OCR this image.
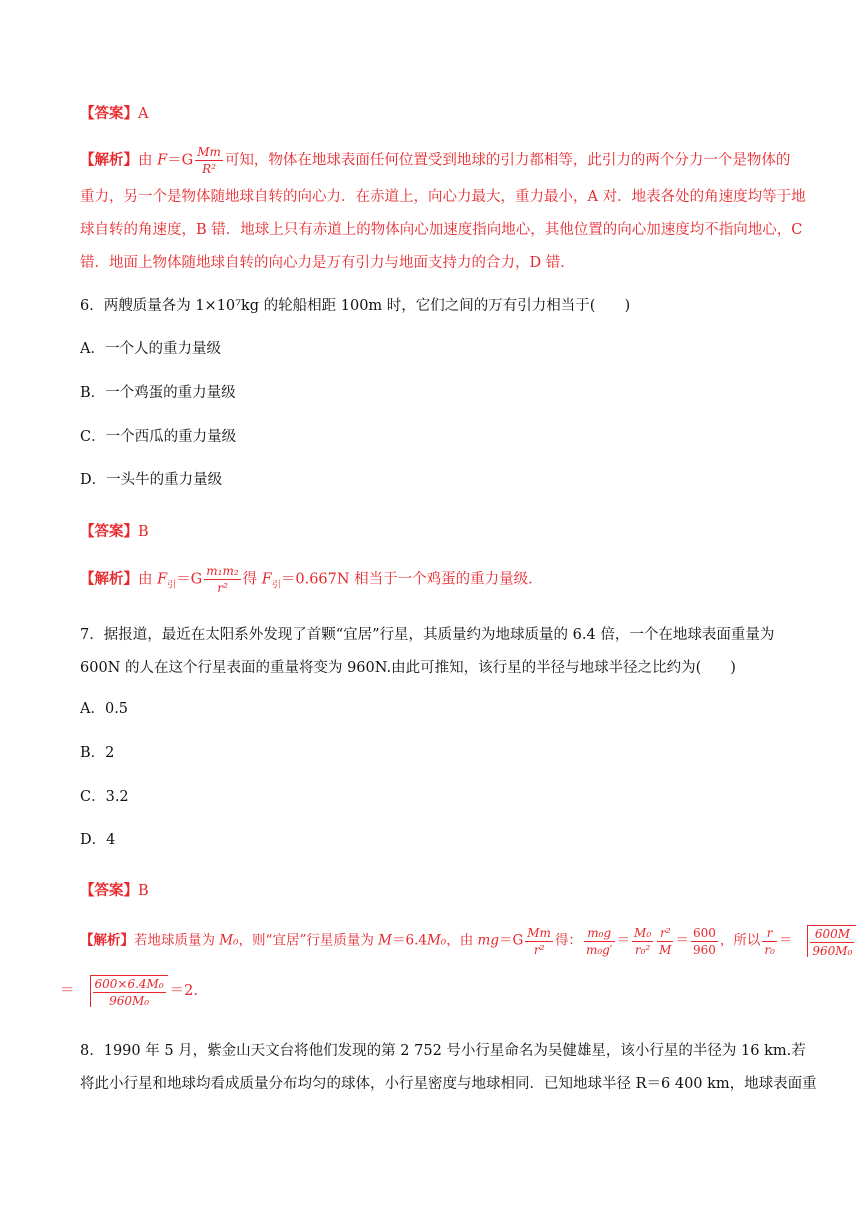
【答案】A
【解析】由 $F=G \frac{Mm}{\text{R²}}$ 可知，物体在地球表面任何位置受到地球的引力都相等，此引力的两个分力一个是物体的
重力，另一个是物体随地球自转的向心力．在赤道上，向心力最大，重力最小，A 对．地表各处的角速度均等于地
球自转的角速度，B 错．地球上只有赤道上的物体向心加速度指向地心，其他位置的向心加速度均不指向地心，C
错．地面上物体随地球自转的向心力是万有引力与地面支持力的合力，D 错．
6．两艘质量各为 1×10⁷kg 的轮船相距 100m 时，它们之间的万有引力相当于(　　)
A．一个人的重力量级
B．一个鸡蛋的重力量级
C．一个西瓜的重力量级
D．一头牛的重力量级
【答案】B
【解析】由 $F_引=G \frac{\text{m₁m₂}}{\text{r²}}$ 得 $F_引=0.667N$ 相当于一个鸡蛋的重力量级．
7．据报道，最近在太阳系外发现了首颗“宜居”行星，其质量约为地球质量的 6.4 倍，一个在地球表面重量为
600N 的人在这个行星表面的重量将变为 960N.由此可推知，该行星的半径与地球半径之比约为(　　)
A．0.5
B．2
C．3.2
D．4
【答案】B
【解析】若地球质量为 M₀，则“宜居”行星质量为 M＝6.4M₀，由 $mg=G \frac{Mm}{\text{r²}}$ 得： $\frac{\text{m₀g}}{\text{m₀g′}} = \frac{\text{M₀}}{\text{r₀²}} \frac{\text{r²}}{M} = \frac{600}{960}$ ，所以 $\frac{r}{\text{r₀}} = \frac{600M}{\text{960M₀}}$
＝ $\frac{\text{600×6.4M₀}}{\text{960M₀}} =2$.
8．1990 年 5 月，紫金山天文台将他们发现的第 2 752 号小行星命名为吴健雄星，该小行星的半径为 16 km.若
将此小行星和地球均看成质量分布均匀的球体，小行星密度与地球相同．已知地球半径 R＝6 400 km，地球表面重
